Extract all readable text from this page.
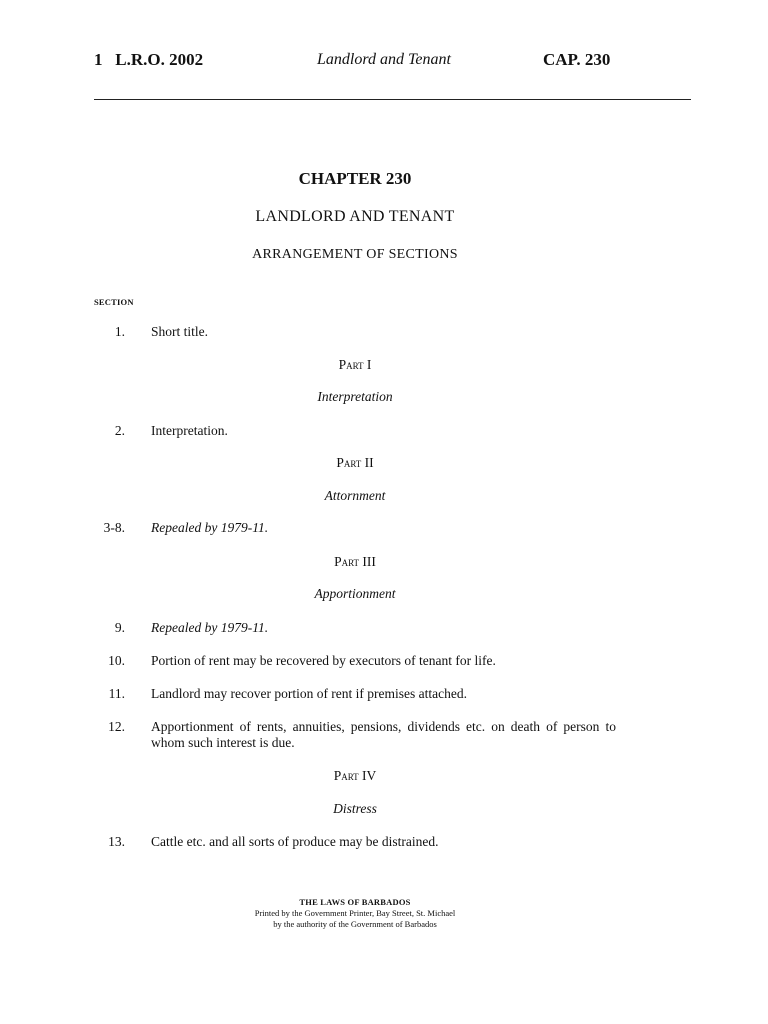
1 L.R.O. 2002	Landlord and Tenant	CAP. 230
CHAPTER 230
LANDLORD AND TENANT
ARRANGEMENT OF SECTIONS
SECTION
1. Short title.
Part I
Interpretation
2. Interpretation.
Part II
Attornment
3-8. Repealed by 1979-11.
Part III
Apportionment
9. Repealed by 1979-11.
10. Portion of rent may be recovered by executors of tenant for life.
11. Landlord may recover portion of rent if premises attached.
12. Apportionment of rents, annuities, pensions, dividends etc. on death of person to whom such interest is due.
Part IV
Distress
13. Cattle etc. and all sorts of produce may be distrained.
THE LAWS OF BARBADOS
Printed by the Government Printer, Bay Street, St. Michael
by the authority of the Government of Barbados
